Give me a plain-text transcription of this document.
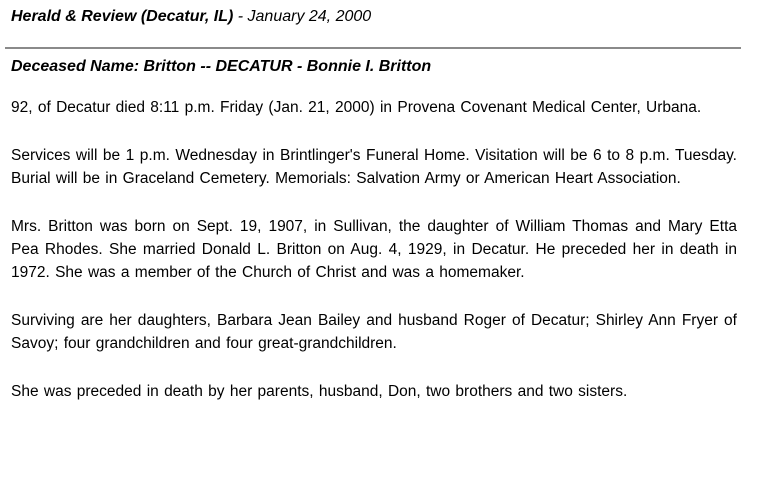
Herald & Review (Decatur, IL) - January 24, 2000
Deceased Name: Britton -- DECATUR - Bonnie I. Britton

92, of Decatur died 8:11 p.m. Friday (Jan. 21, 2000) in Provena Covenant Medical Center, Urbana.

Services will be 1 p.m. Wednesday in Brintlinger's Funeral Home. Visitation will be 6 to 8 p.m. Tuesday. Burial will be in Graceland Cemetery. Memorials: Salvation Army or American Heart Association.

Mrs. Britton was born on Sept. 19, 1907, in Sullivan, the daughter of William Thomas and Mary Etta Pea Rhodes. She married Donald L. Britton on Aug. 4, 1929, in Decatur. He preceded her in death in 1972. She was a member of the Church of Christ and was a homemaker.

Surviving are her daughters, Barbara Jean Bailey and husband Roger of Decatur; Shirley Ann Fryer of Savoy; four grandchildren and four great-grandchildren.

She was preceded in death by her parents, husband, Don, two brothers and two sisters.
